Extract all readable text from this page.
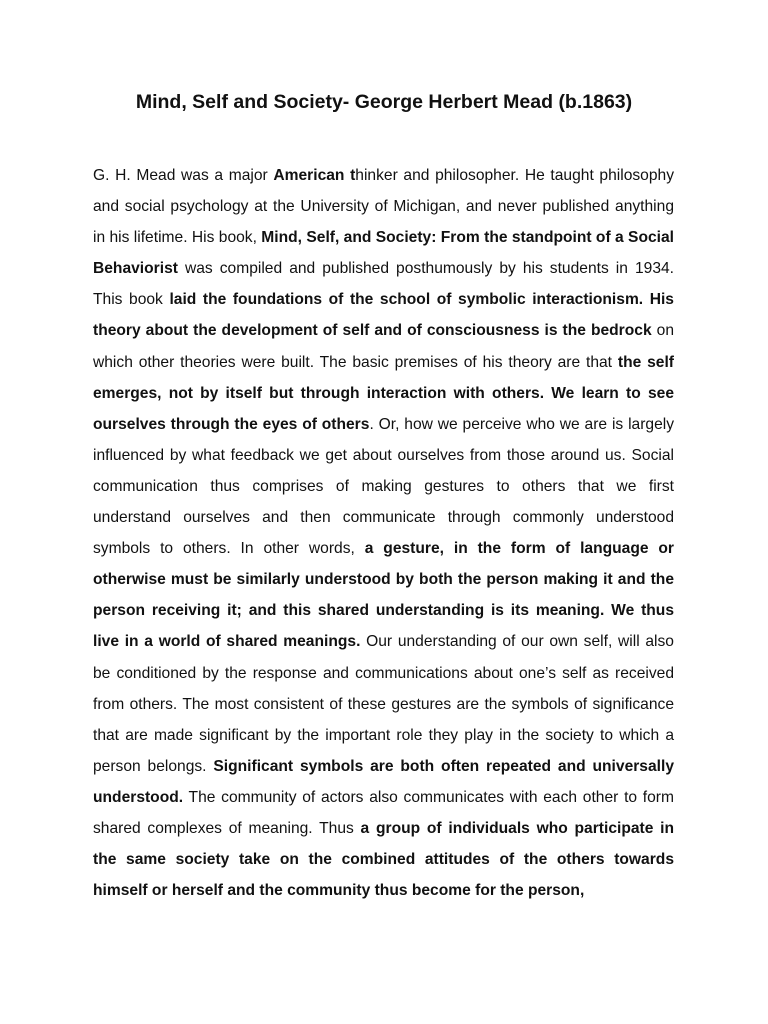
Mind, Self and Society- George Herbert Mead (b.1863)

G. H. Mead was a major American thinker and philosopher. He taught philosophy and social psychology at the University of Michigan, and never published anything in his lifetime. His book, Mind, Self, and Society: From the standpoint of a Social Behaviorist was compiled and published posthumously by his students in 1934. This book laid the foundations of the school of symbolic interactionism. His theory about the development of self and of consciousness is the bedrock on which other theories were built. The basic premises of his theory are that the self emerges, not by itself but through interaction with others. We learn to see ourselves through the eyes of others. Or, how we perceive who we are is largely influenced by what feedback we get about ourselves from those around us. Social communication thus comprises of making gestures to others that we first understand ourselves and then communicate through commonly understood symbols to others. In other words, a gesture, in the form of language or otherwise must be similarly understood by both the person making it and the person receiving it; and this shared understanding is its meaning. We thus live in a world of shared meanings. Our understanding of our own self, will also be conditioned by the response and communications about one’s self as received from others. The most consistent of these gestures are the symbols of significance that are made significant by the important role they play in the society to which a person belongs. Significant symbols are both often repeated and universally understood. The community of actors also communicates with each other to form shared complexes of meaning. Thus a group of individuals who participate in the same society take on the combined attitudes of the others towards himself or herself and the community thus become for the person,
